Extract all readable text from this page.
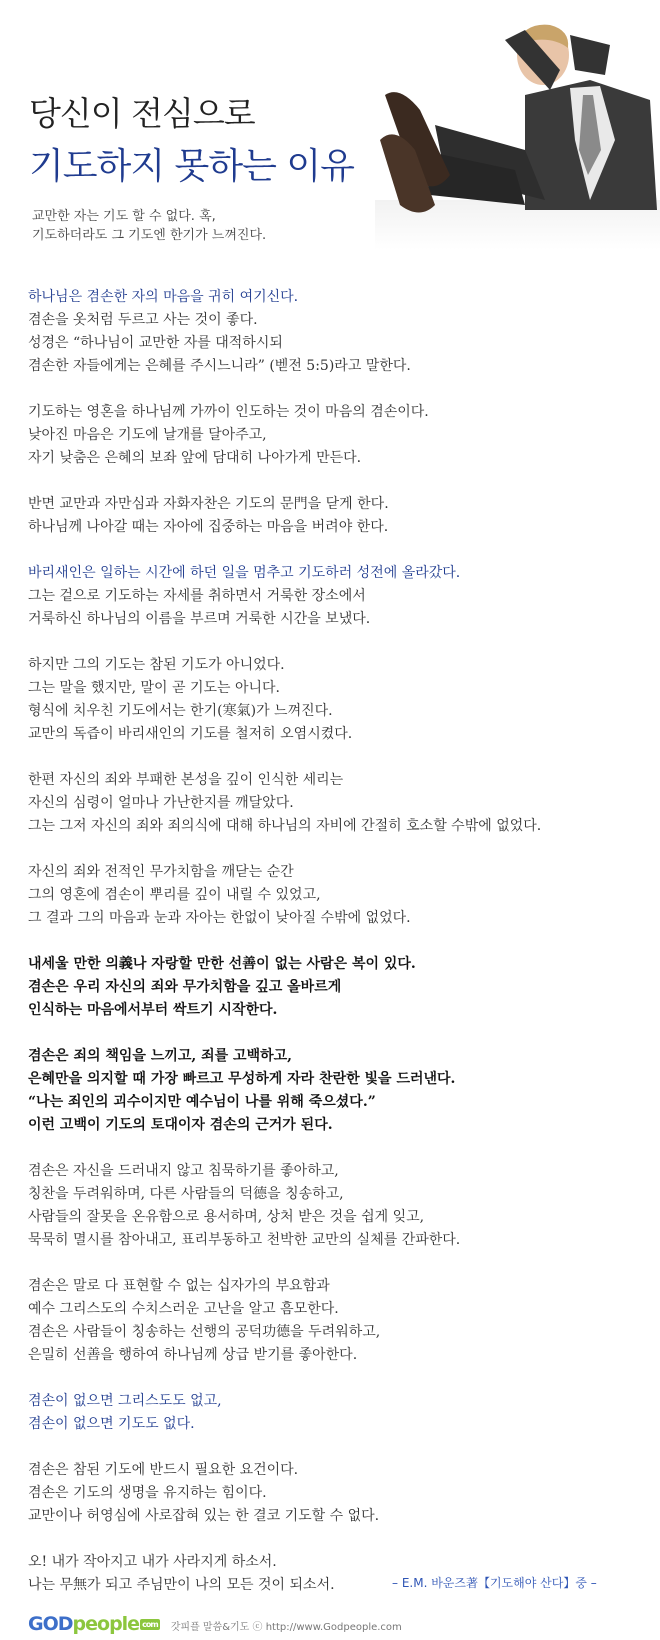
당신이 전심으로
기도하지 못하는 이유
교만한 자는 기도 할 수 없다. 혹,
기도하더라도 그 기도엔 한기가 느껴진다.
하나님은 겸손한 자의 마음을 귀히 여기신다.
겸손을 옷처럼 두르고 사는 것이 좋다.
성경은 “하나님이 교만한 자를 대적하시되
겸손한 자들에게는 은혜를 주시느니라” (벧전 5:5)라고 말한다.
기도하는 영혼을 하나님께 가까이 인도하는 것이 마음의 겸손이다.
낮아진 마음은 기도에 날개를 달아주고,
자기 낮춤은 은혜의 보좌 앞에 담대히 나아가게 만든다.
반면 교만과 자만심과 자화자찬은 기도의 문門을 닫게 한다.
하나님께 나아갈 때는 자아에 집중하는 마음을 버려야 한다.
바리새인은 일하는 시간에 하던 일을 멈추고 기도하러 성전에 올라갔다.
그는 겉으로 기도하는 자세를 취하면서 거룩한 장소에서
거룩하신 하나님의 이름을 부르며 거룩한 시간을 보냈다.
하지만 그의 기도는 참된 기도가 아니었다.
그는 말을 했지만, 말이 곧 기도는 아니다.
형식에 치우친 기도에서는 한기(寒氣)가 느껴진다.
교만의 독즙이 바리새인의 기도를 철저히 오염시켰다.
한편 자신의 죄와 부패한 본성을 깊이 인식한 세리는
자신의 심령이 얼마나 가난한지를 깨달았다.
그는 그저 자신의 죄와 죄의식에 대해 하나님의 자비에 간절히 호소할 수밖에 없었다.
자신의 죄와 전적인 무가치함을 깨닫는 순간
그의 영혼에 겸손이 뿌리를 깊이 내릴 수 있었고,
그 결과 그의 마음과 눈과 자아는 한없이 낮아질 수밖에 없었다.
내세울 만한 의義나 자랑할 만한 선善이 없는 사람은 복이 있다.
겸손은 우리 자신의 죄와 무가치함을 깊고 올바르게
인식하는 마음에서부터 싹트기 시작한다.
겸손은 죄의 책임을 느끼고, 죄를 고백하고,
은혜만을 의지할 때 가장 빠르고 무성하게 자라 찬란한 빛을 드러낸다.
“나는 죄인의 괴수이지만 예수님이 나를 위해 죽으셨다.”
이런 고백이 기도의 토대이자 겸손의 근거가 된다.
겸손은 자신을 드러내지 않고 침묵하기를 좋아하고,
칭찬을 두려워하며, 다른 사람들의 덕德을 칭송하고,
사람들의 잘못을 온유함으로 용서하며, 상처 받은 것을 쉽게 잊고,
묵묵히 멸시를 참아내고, 표리부동하고 천박한 교만의 실체를 간파한다.
겸손은 말로 다 표현할 수 없는 십자가의 부요함과
예수 그리스도의 수치스러운 고난을 알고 흠모한다.
겸손은 사람들이 칭송하는 선행의 공덕功德을 두려워하고,
은밀히 선善을 행하여 하나님께 상급 받기를 좋아한다.
겸손이 없으면 그리스도도 없고,
겸손이 없으면 기도도 없다.
겸손은 참된 기도에 반드시 필요한 요건이다.
겸손은 기도의 생명을 유지하는 힘이다.
교만이나 허영심에 사로잡혀 있는 한 결코 기도할 수 없다.
오! 내가 작아지고 내가 사라지게 하소서.
나는 무無가 되고 주님만이 나의 모든 것이 되소서.	– E.M. 바운즈著【기도해야 산다】중 –
GODpeople com 갓피플 말씀&기도 ⓒ http://www.Godpeople.com
